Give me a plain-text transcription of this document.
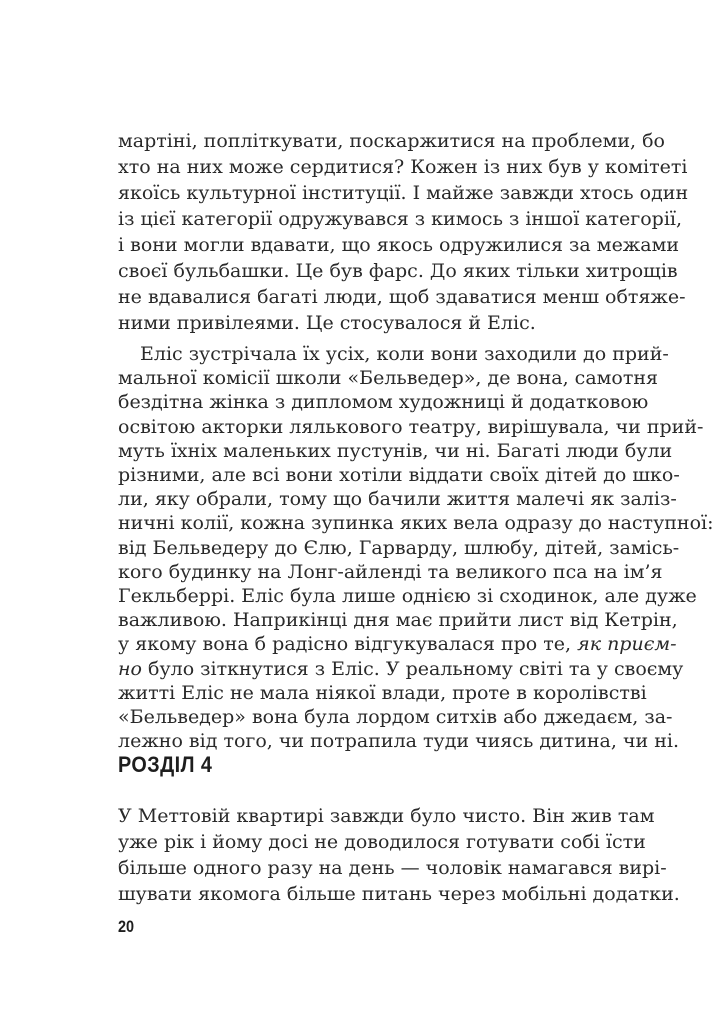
мартіні, попліткувати, поскаржитися на проблеми, бо
хто на них може сердитися? Кожен із них був у комітеті
якоїсь культурної інституції. І майже завжди хтось один
із цієї категорії одружувався з кимось з іншої категорії,
і вони могли вдавати, що якось одружилися за межами
своєї бульбашки. Це був фарс. До яких тільки хитрощів
не вдавалися багаті люди, щоб здаватися менш обтяже-
ними привілеями. Це стосувалося й Еліс.
Еліс зустрічала їх усіх, коли вони заходили до прий-
мальної комісії школи «Бельведер», де вона, самотня
бездітна жінка з дипломом художниці й додатковою
освітою акторки лялькового театру, вирішувала, чи прий-
муть їхніх маленьких пустунів, чи ні. Багаті люди були
різними, але всі вони хотіли віддати своїх дітей до шко-
ли, яку обрали, тому що бачили життя малечі як заліз-
ничні колії, кожна зупинка яких вела одразу до наступної:
від Бельведеру до Єлю, Гарварду, шлюбу, дітей, замісь-
кого будинку на Лонг-айленді та великого пса на ім’я
Гекльберрі. Еліс була лише однією зі сходинок, але дуже
важливою. Наприкінці дня має прийти лист від Кетрін,
у якому вона б радісно відгукувалася про те, як приєм-
но було зіткнутися з Еліс. У реальному світі та у своєму
житті Еліс не мала ніякої влади, проте в королівстві
«Бельведер» вона була лордом ситхів або джедаєм, за-
лежно від того, чи потрапила туди чиясь дитина, чи ні.
РОЗДІЛ 4
У Меттовій квартирі завжди було чисто. Він жив там
уже рік і йому досі не доводилося готувати собі їсти
більше одного разу на день — чоловік намагався вирі-
шувати якомога більше питань через мобільні додатки.
20
